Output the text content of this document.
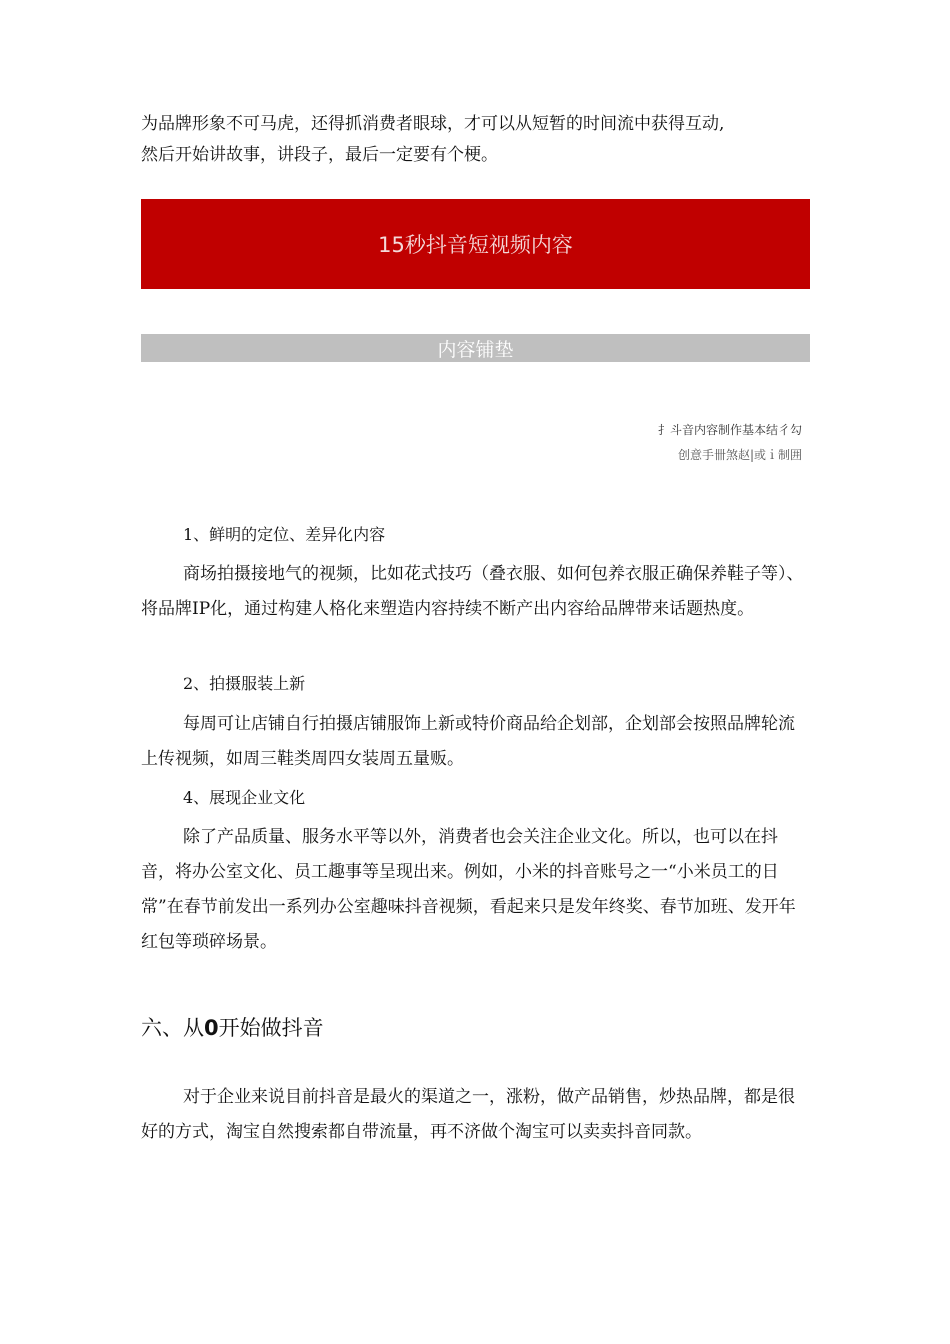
为品牌形象不可马虎，还得抓消费者眼球，才可以从短暂的时间流中获得互动,
然后开始讲故事，讲段子，最后一定要有个梗。

15秒抖音短视频内容
内容铺垫
扌斗音内容制作基本结彳勾
创意手卌煞赵|或ｉ制囲
1、鲜明的定位、差异化内容

商场拍摄接地气的视频，比如花式技巧（叠衣服、如何包养衣服正确保养鞋子等）、将品牌IP化，通过构建人格化来塑造内容持续不断产出内容给品牌带来话题热度。

2、拍摄服装上新

每周可让店铺自行拍摄店铺服饰上新或特价商品给企划部，企划部会按照品牌轮流上传视频，如周三鞋类周四女装周五量贩。

4、展现企业文化

除了产品质量、服务水平等以外，消费者也会关注企业文化。所以，也可以在抖音，将办公室文化、员工趣事等呈现出来。例如，小米的抖音账号之一“小米员工的日常”在春节前发出一系列办公室趣味抖音视频，看起来只是发年终奖、春节加班、发开年红包等琐碎场景。

六、从0开始做抖音

对于企业来说目前抖音是最火的渠道之一，涨粉，做产品销售，炒热品牌，都是很好的方式，淘宝自然搜索都自带流量，再不济做个淘宝可以卖卖抖音同款。
